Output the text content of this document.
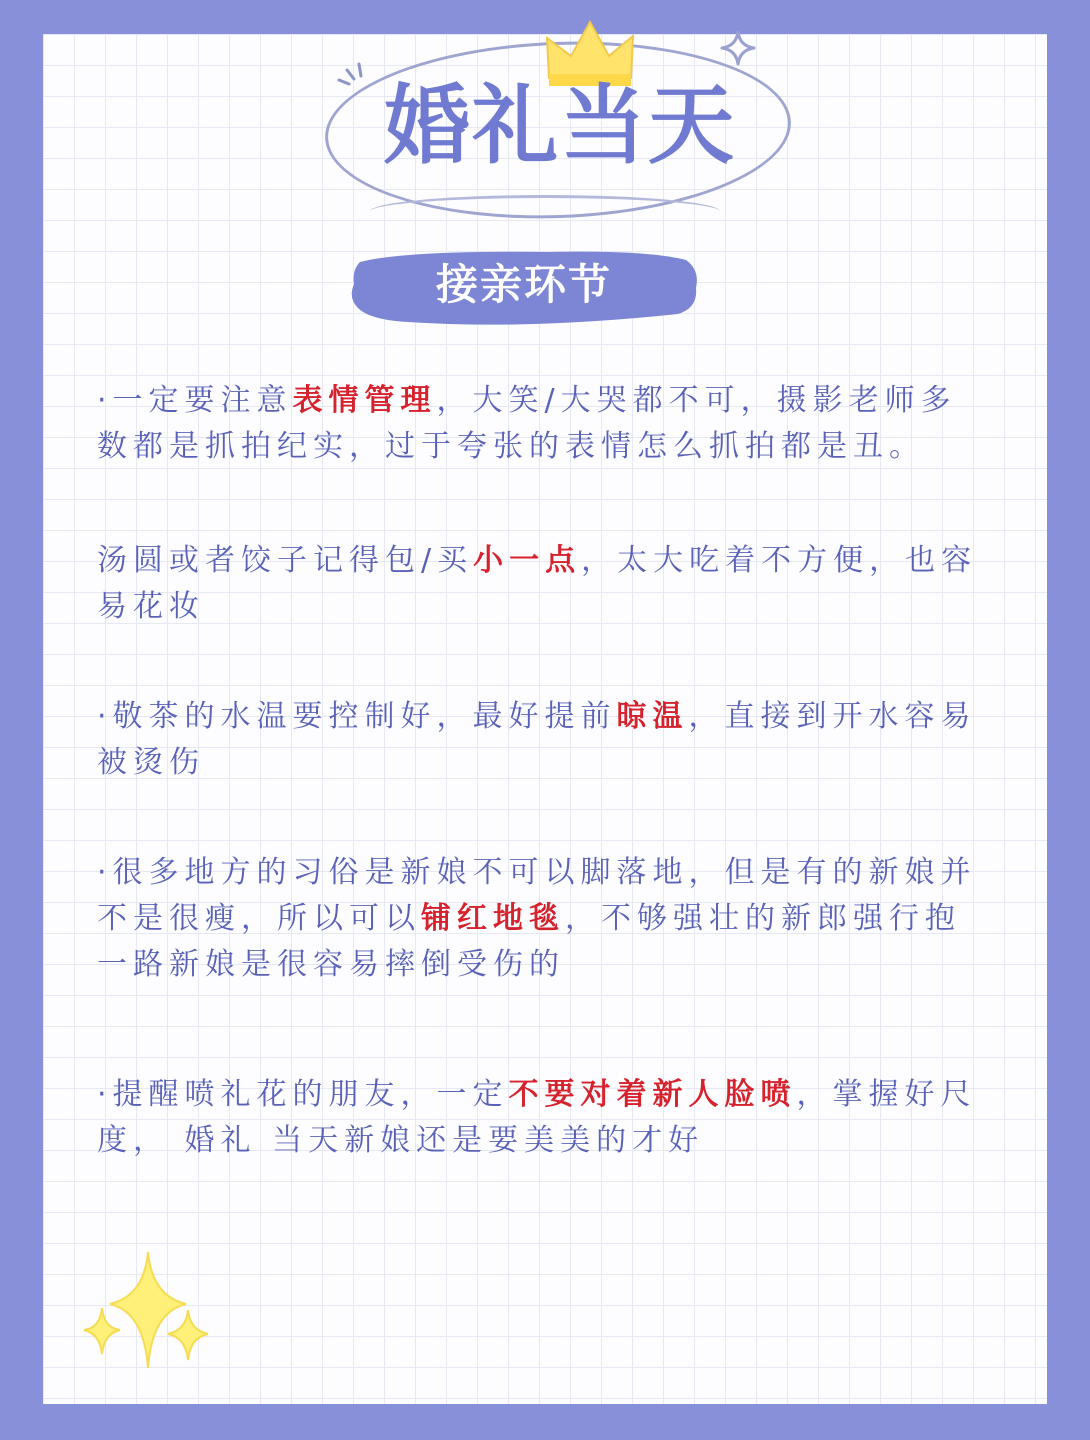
婚礼当天
接亲环节

·一定要注意表情管理，大笑/大哭都不可，摄影老师多数都是抓拍纪实，过于夸张的表情怎么抓拍都是丑。

汤圆或者饺子记得包/买小一点，太大吃着不方便，也容易花妆

·敬茶的水温要控制好，最好提前晾温，直接到开水容易被烫伤

·很多地方的习俗是新娘不可以脚落地，但是有的新娘并不是很瘦，所以可以铺红地毯，不够强壮的新郎强行抱一路新娘是很容易摔倒受伤的

·提醒喷礼花的朋友，一定不要对着新人脸喷，掌握好尺度， 婚礼 当天新娘还是要美美的才好
